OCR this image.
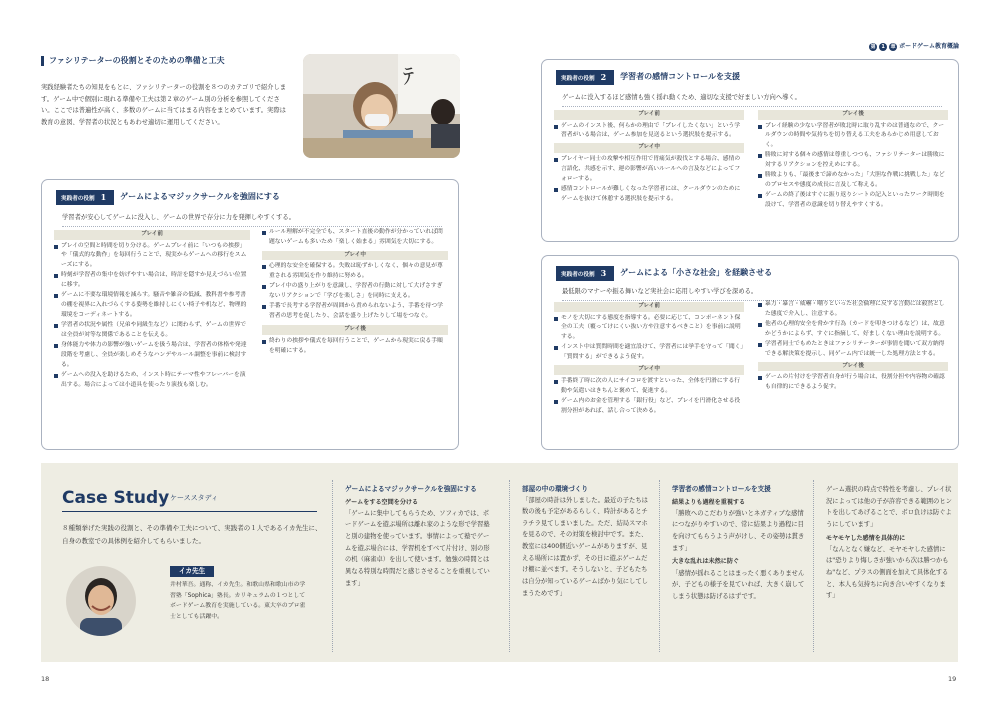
第	1	章 ボードゲーム教育概論
ファシリテーターの役割とそのための準備と工夫
実践経験者たちの知見をもとに、ファシリテーターの役割を８つのカテゴリで紹介します。ゲーム中で個別に現れる準備や工夫は第２章のゲーム別の分析を参照してください。ここでは普遍性が高く、多数のゲームに当てはまる内容をまとめています。実際は教育の意図、学習者の状況ともあわせ適切に運用してください。
ﾃ
実践者の役割 1	ゲームによるマジックサークルを強固にする
学習者が安心してゲームに没入し、ゲームの世界で存分に力を発揮しやすくする。
プレイ前
プレイの空間と時間を切り分ける。ゲームプレイ前に「いつもの挨拶」や「儀式的な動作」を毎回行うことで、現実からゲームへの移行をスムーズにする。
時刻が学習者の集中を妨げやすい場合は、時計を隠すか見えづらい位置に移す。
ゲームに不要な環境情報を減らす。騒音や雑音の低減、教科書や参考書の棚を視界に入れづらくする姿勢を維持しにくい椅子や机など、物理的環境をコーディネートする。
学習者の状況や属性（兄弟や同級生など）に関わらず、ゲームの世界では全員が対等な関係であることを伝える。
身体能力や体力の影響が強いゲームを扱う場合は、学習者の体格や発達段階を考慮し、全員が楽しめそうなハンデやルール調整を事前に検討する。
ゲームへの没入を助けるため、インスト時にテーマ性やフレーバーを演出する。場合によっては小道具を使ったり演技も楽しむ。
ルール理解が不完全でも、スタート直後の動作が分かっていれば問題ないゲームも多いため「楽しく始まる」雰囲気を大切にする。
プレイ中
心理的な安全を確保する。失敗は恥ずかしくなく、個々の意見が尊重される雰囲気を作り維持に努める。
プレイ中の盛り上がりを意識し、学習者の行動に対して大げさすぎないリアクションで「学びを楽しさ」を同時に支える。
手番で長考する学習者が周囲から責められないよう、手番を待つ学習者の思考を促したり、会話を盛り上げたりして場をつなぐ。
プレイ後
終わりの挨拶や儀式を毎回行うことで、ゲームから現実に戻る手順を明確にする。
実践者の役割 2	学習者の感情コントロールを支援
ゲームに没入するほど感情も強く揺れ動くため、適切な支援で好ましい方向へ導く。
プレイ前
ゲームのインスト後、何らかの理由で「プレイしたくない」という学習者がいる場合は、ゲーム参加を見送るという選択肢を提示する。
プレイ中
プレイヤー同士の攻撃や相互作用で胃痛気が殺伐とする場合、感情の言語化、共感を示す、運の影響が高いルールへの言及などによってフォローする。
感情コントロールが難しくなった学習者には、クールダウンのためにゲームを抜けて休憩する選択肢を提示する。
プレイ後
プレイ経験の少ない学習者が敗北時に取り乱すのは普通なので、クールダウンの時間や気持ちを切り替える工夫をあらかじめ用意しておく。
勝敗に対する個々の感情は尊重しつつも、ファシリテーターは勝敗に対するリアクションを控えめにする。
勝敗よりも、「最後まで諦めなかった」「大胆な作戦に挑戦した」などのプロセスや態度の成長に言及して称える。
ゲームの終了後はすぐに振り返りシートの記入といったワーク時間を設けて、学習者の意識を切り替えやすくする。
実践者の役割 3	ゲームによる「小さな社会」を経験させる
最低限のマナーや振る舞いなど実社会に応用しやすい学びを深める。
プレイ前
モノを大切にする態度を指導する。必要に応じて、コンポーネント保全の工夫（覆ってけにくい抜い方や注意するべきこと）を事前に説明する。
インスト中は質問時間を適宜設けて、学習者には挙手を守って「聞く」「質問する」ができるよう促す。
プレイ中
手番終了時に次の人にサイコロを渡すといった、全体を円滑にする行動や気遣いはきちんと褒めて、促進する。
ゲーム内のお金を管理する「銀行役」など、プレイを円滑化させる役割分担があれば、話し合って決める。
暴力・暴言・威嚇・嘲りといった社会倫理に反する言動には毅然とした態度で介入し、注意する。
他者の心理的安全を脅かす行為（カードを叩きつけるなど）は、故意かどうかによらず、すぐに指摘して、好ましくない理由を説明する。
学習者同士でもめたときはファシリテーターが事情を聞いて双方納得できる解決策を提示し、同ゲーム内では統一した処理方法とする。
プレイ後
ゲームの片付けを学習者自身が行う場合は、役割分担や内容物の確認も自律的にできるよう促す。
Case Study ケーススタディ
８種類挙げた実践の役割と、その準備や工夫について、実践者の１人であるイカ先生に、自身の教室での具体例を紹介してもらいました。
イカ先生
井村華吾。通称、イカ先生。和歌山県和歌山市の学習塾「Sophica」塾長。カリキュラムの１つとしてボードゲーム教育を実施している。東大卒のプロ雀士としても活躍中。
ゲームによるマジックサークルを強固にする
ゲームをする空間を分ける
「ゲームに集中してもらうため、ソフィカでは、ボードゲームを遊ぶ場所は離れ家のような形で学習塾と別の建物を使っています。事情によって塾でゲームを遊ぶ場合には、学習机をすべて片付け、別の形の机（麻雀卓）を出して使います。勉強の時間とは異なる特別な時間だと感じさせることを重視しています」
部屋の中の環境づくり
「部屋の時計は外しました。最近の子たちは数の後も予定があるらしく、時計があるとチラチラ見てしまいました。ただ、結局スマホを見るので、その対策を検討中です。また、教室には400個近いゲームがありますが、見える場所には置かず、その日に遊ぶゲームだけ棚に並べます。そうしないと、子どもたちは自分が知っているゲームばかり気にしてしまうためです」
学習者の感情コントロールを支援
結果よりも過程を重視する
「勝敗へのこだわりが強いとネガティブな感情につながりやすいので、常に結果より過程に目を向けてもらうよう声がけし、その姿勢は貫きます」
大きな乱れは未然に防ぐ
「感情が揺れることはまったく悪くありませんが、子どもの様子を見ていれば、大きく崩してしまう状態は防げるはずです。
ゲーム選択の時点で特性を考慮し、プレイ状況によっては他の子が許容できる範囲のヒントを出してあげることで、ボロ負けは防ぐようにしています」
モヤモヤした感情を具体的に
「なんとなく嫌など、モヤモヤした感情には"恐りより悔しさが強いから次は勝つかもね"など、プラスの側面を加えて具体化すると、本人も気持ちに向き合いやすくなります」
18	19
